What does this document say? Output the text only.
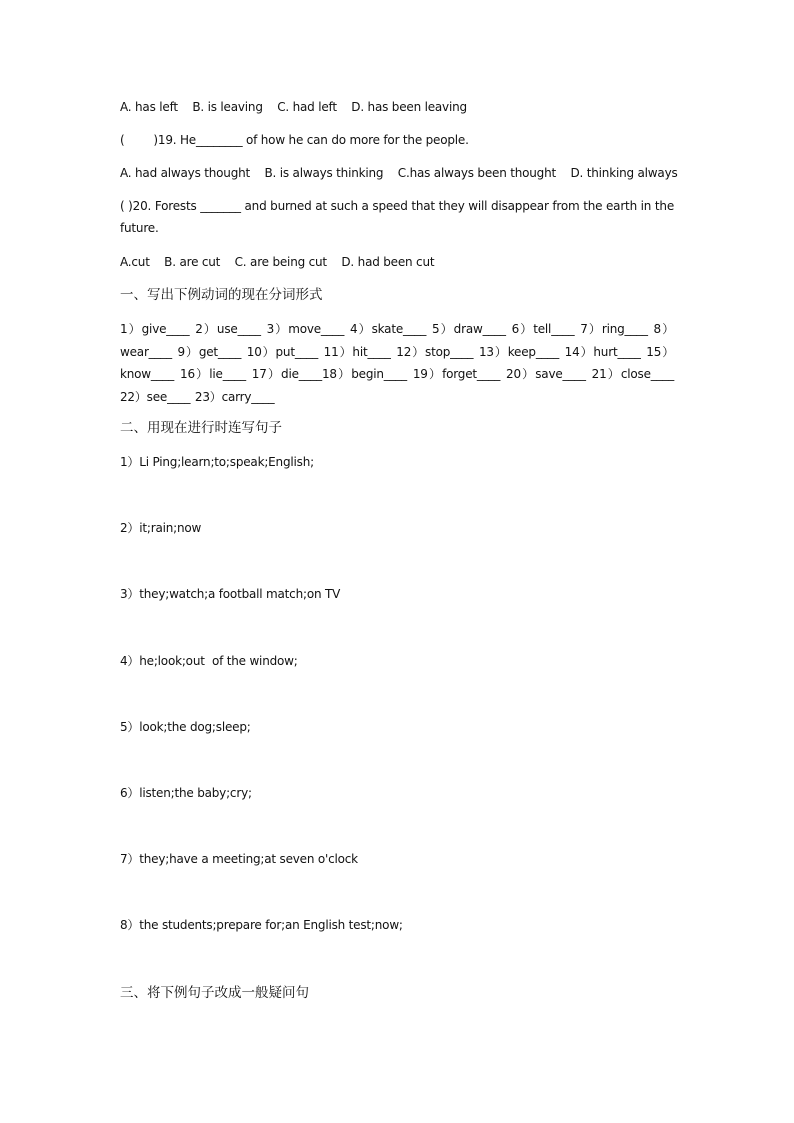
A. has left    B. is leaving    C. had left    D. has been leaving
(        )19. He________ of how he can do more for the people.
A. had always thought    B. is always thinking    C.has always been thought    D. thinking always
( )20. Forests _______ and burned at such a speed that they will disappear from the earth in the future.
A.cut    B. are cut    C. are being cut    D. had been cut
一、写出下例动词的现在分词形式
1）give____ 2）use____ 3）move____ 4）skate____ 5）draw____ 6）tell____ 7）ring____ 8）wear____ 9）get____ 10）put____ 11）hit____ 12）stop____ 13）keep____ 14）hurt____ 15）know____ 16）lie____ 17）die____18）begin____ 19）forget____ 20）save____ 21）close____ 22）see____ 23）carry____
二、用现在进行时连写句子
1）Li Ping;learn;to;speak;English;
2）it;rain;now
3）they;watch;a football match;on TV
4）he;look;out  of the window;
5）look;the dog;sleep;
6）listen;the baby;cry;
7）they;have a meeting;at seven o'clock
8）the students;prepare for;an English test;now;
三、将下例句子改成一般疑问句
